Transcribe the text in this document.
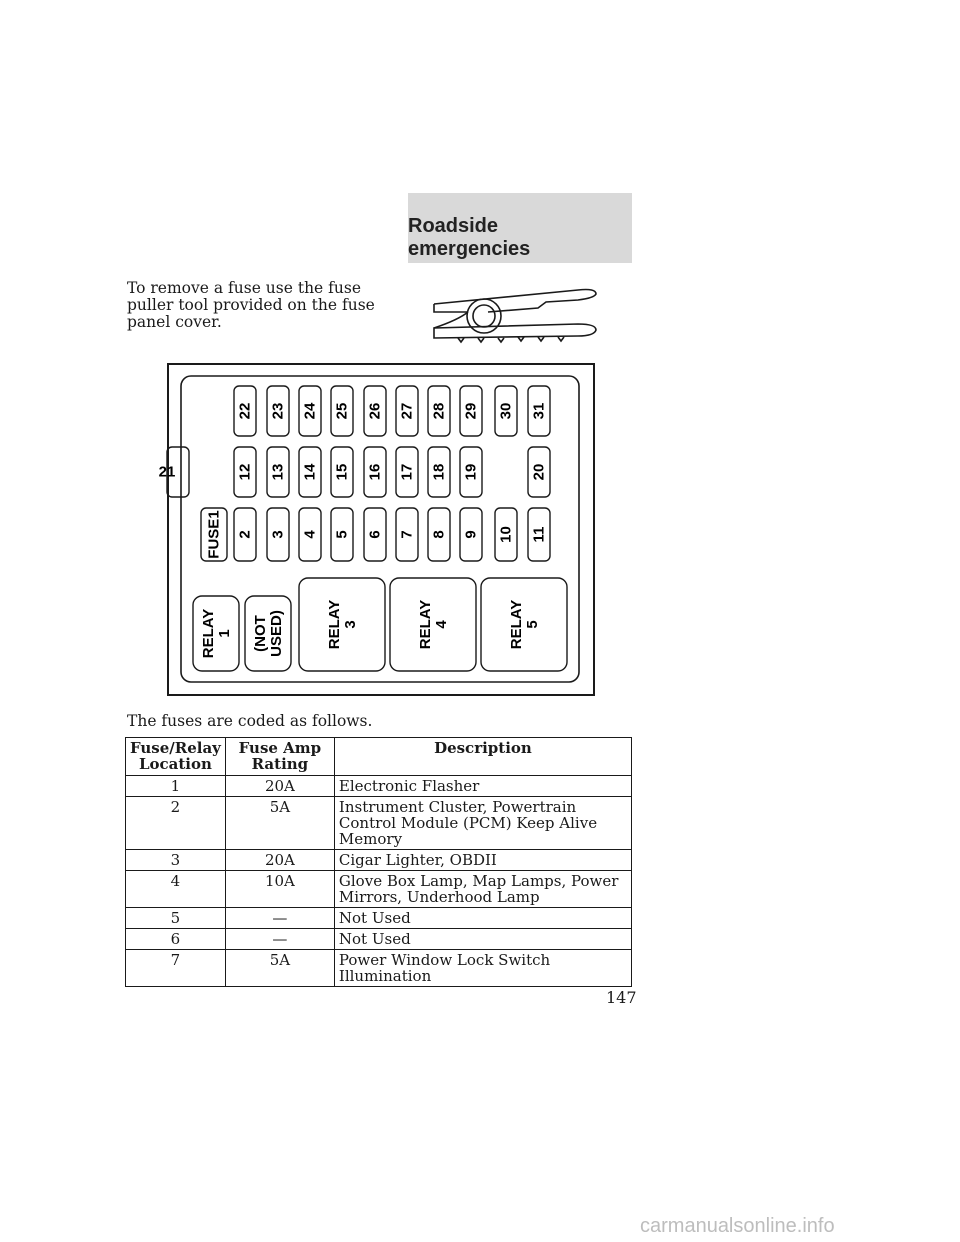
Roadside emergencies
To remove a fuse use the fuse puller tool provided on the fuse panel cover.
22 23 24 25 26 27 28 29 30 31
12 13 14 15 16 17 18 19	20
21
FUSE1 2 3 4 5 6 7 8 9 10 11
RELAY1 (NOTUSED)	RELAY3	RELAY4	RELAY5
The fuses are coded as follows.
Fuse/Relay Location	Fuse Amp Rating	Description
1	20A	Electronic Flasher
2	5A	Instrument Cluster, Powertrain Control Module (PCM) Keep Alive Memory
3	20A	Cigar Lighter, OBDII
4	10A	Glove Box Lamp, Map Lamps, Power Mirrors, Underhood Lamp
5	—	Not Used
6	—	Not Used
7	5A	Power Window Lock Switch Illumination
147
carmanualsonline.info
